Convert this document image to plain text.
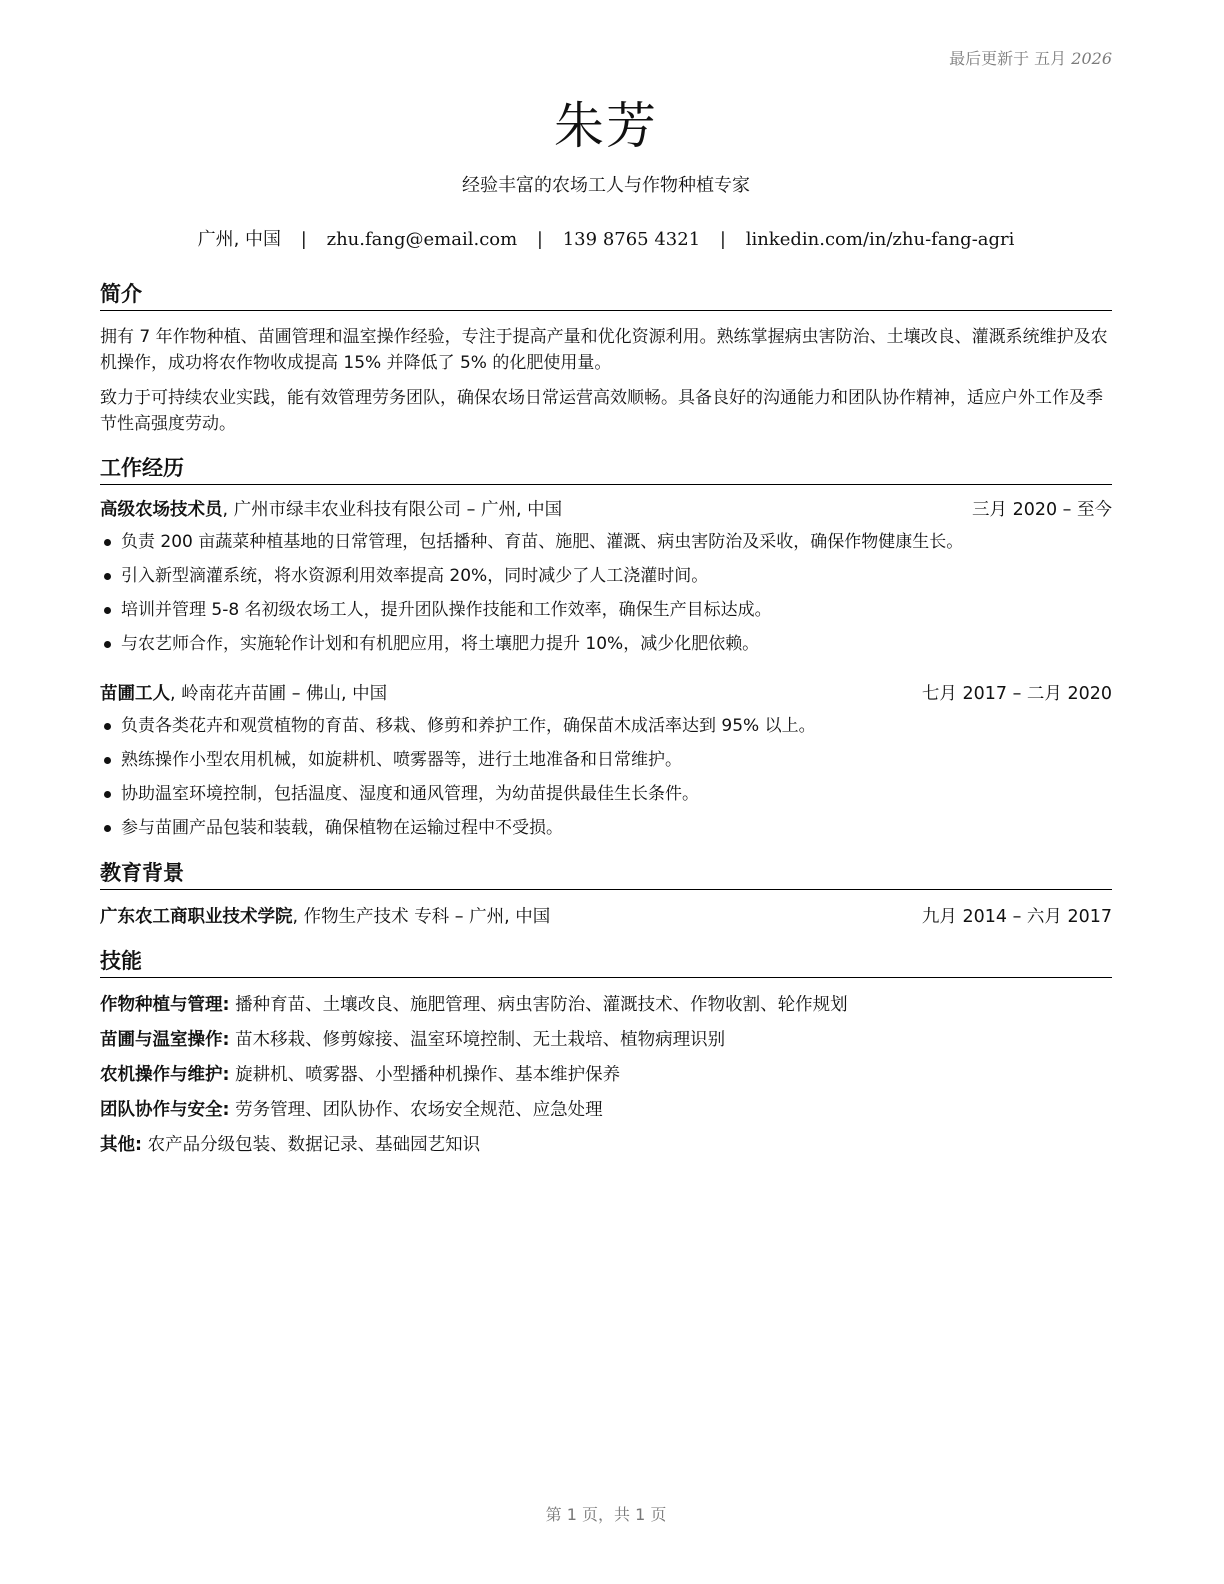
最后更新于 五月 2026
朱芳
经验丰富的农场工人与作物种植专家
广州, 中国 | zhu.fang@email.com | 139 8765 4321 | linkedin.com/in/zhu-fang-agri
简介

拥有 7 年作物种植、苗圃管理和温室操作经验，专注于提高产量和优化资源利用。熟练掌握病虫害防治、土壤改良、灌溉系统维护及农机操作，成功将农作物收成提高 15% 并降低了 5% 的化肥使用量。

致力于可持续农业实践，能有效管理劳务团队，确保农场日常运营高效顺畅。具备良好的沟通能力和团队协作精神，适应户外工作及季节性高强度劳动。

工作经历
高级农场技术员, 广州市绿丰农业科技有限公司 – 广州, 中国	三月 2020 – 至今
负责 200 亩蔬菜种植基地的日常管理，包括播种、育苗、施肥、灌溉、病虫害防治及采收，确保作物健康生长。
引入新型滴灌系统，将水资源利用效率提高 20%，同时减少了人工浇灌时间。
培训并管理 5-8 名初级农场工人，提升团队操作技能和工作效率，确保生产目标达成。
与农艺师合作，实施轮作计划和有机肥应用，将土壤肥力提升 10%，减少化肥依赖。
苗圃工人, 岭南花卉苗圃 – 佛山, 中国	七月 2017 – 二月 2020
负责各类花卉和观赏植物的育苗、移栽、修剪和养护工作，确保苗木成活率达到 95% 以上。
熟练操作小型农用机械，如旋耕机、喷雾器等，进行土地准备和日常维护。
协助温室环境控制，包括温度、湿度和通风管理，为幼苗提供最佳生长条件。
参与苗圃产品包装和装载，确保植物在运输过程中不受损。
教育背景
广东农工商职业技术学院, 作物生产技术 专科 – 广州, 中国	九月 2014 – 六月 2017
技能
作物种植与管理: 播种育苗、土壤改良、施肥管理、病虫害防治、灌溉技术、作物收割、轮作规划
苗圃与温室操作: 苗木移栽、修剪嫁接、温室环境控制、无土栽培、植物病理识别
农机操作与维护: 旋耕机、喷雾器、小型播种机操作、基本维护保养
团队协作与安全: 劳务管理、团队协作、农场安全规范、应急处理
其他: 农产品分级包装、数据记录、基础园艺知识
第 1 页，共 1 页
